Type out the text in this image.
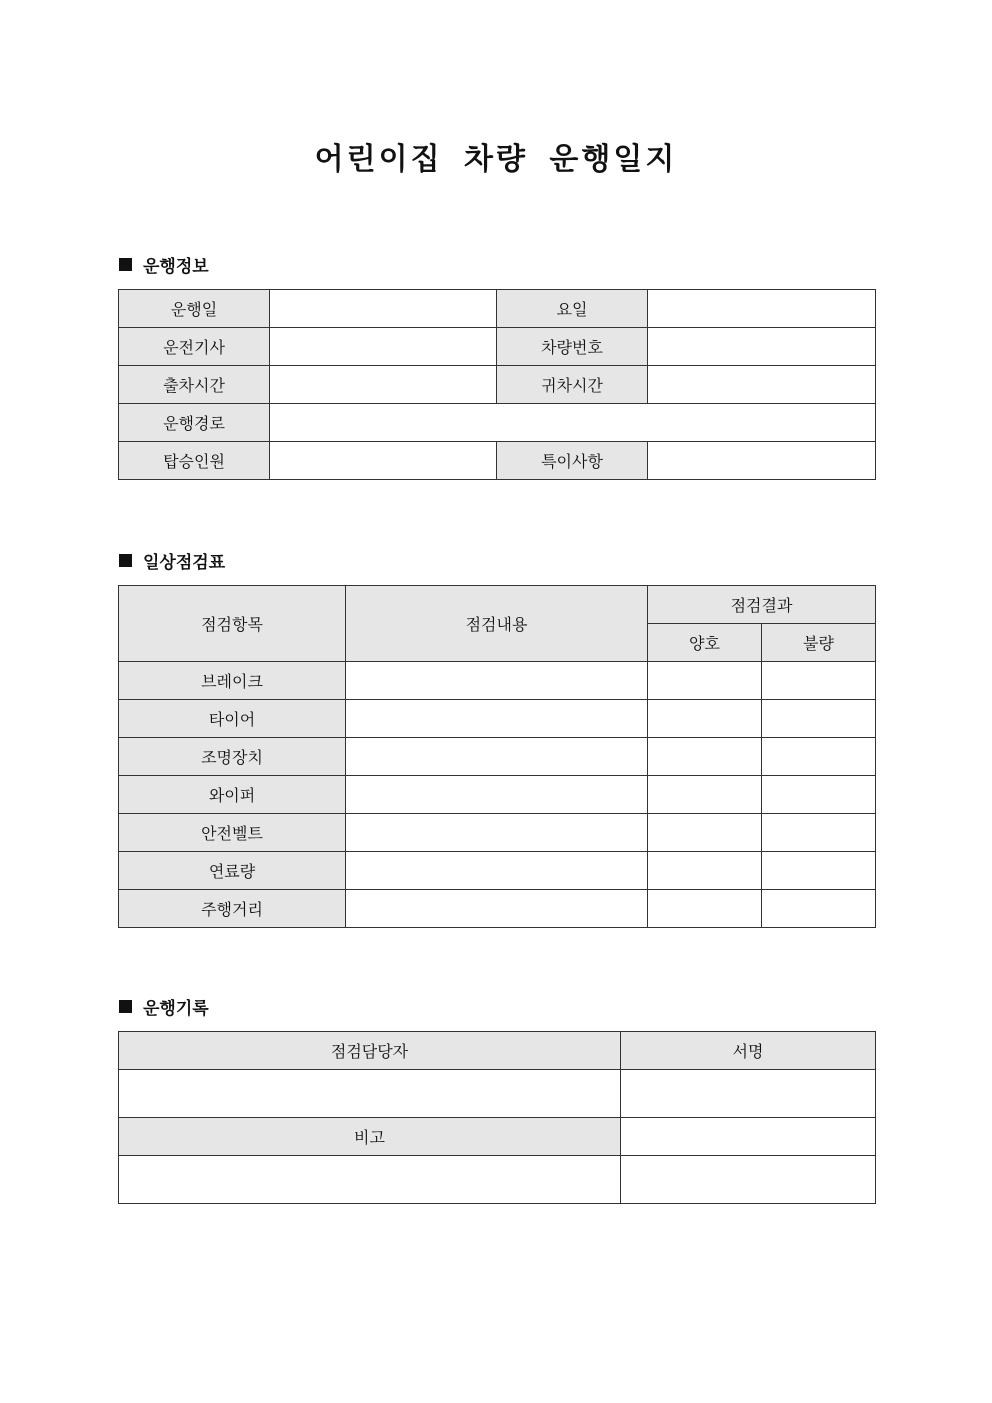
어린이집 차량 운행일지
운행정보
운행일		요일	
운전기사		차량번호	
출차시간		귀차시간	
운행경로			
탑승인원		특이사항	
일상점검표
점검항목	점검내용	점검결과	
		양호	불량
브레이크			
타이어			
조명장치			
와이퍼			
안전벨트			
연료량			
주행거리			
운행기록
점검담당자	서명

비고	
